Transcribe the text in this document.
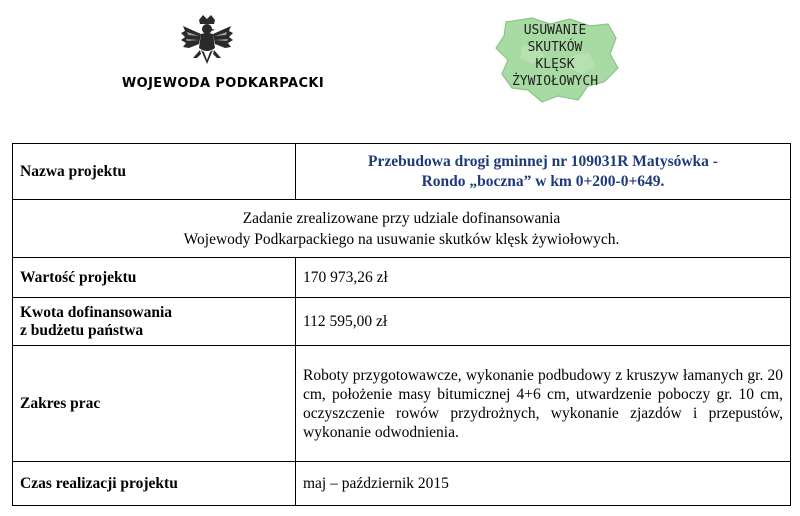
WOJEWODA PODKARPACKI
USUWANIE
SKUTKÓW
KLĘSK
ŻYWIOŁOWYCH
Nazwa projektu	Przebudowa drogi gminnej nr 109031R Matysówka -
Rondo „boczna” w km 0+200-0+649.

Zadanie zrealizowane przy udziale dofinansowania
Wojewody Podkarpackiego na usuwanie skutków klęsk żywiołowych.	

Wartość projektu	170 973,26 zł

Kwota dofinansowania
z budżetu państwa	112 595,00 zł
Zakres prac	Roboty przygotowawcze, wykonanie podbudowy z kruszyw łamanych gr. 20 cm, położenie masy bitumicznej 4+6 cm, utwardzenie poboczy gr. 10 cm, oczyszczenie rowów przydrożnych, wykonanie zjazdów i przepustów, wykonanie odwodnienia.
Czas realizacji projektu	maj – październik 2015
